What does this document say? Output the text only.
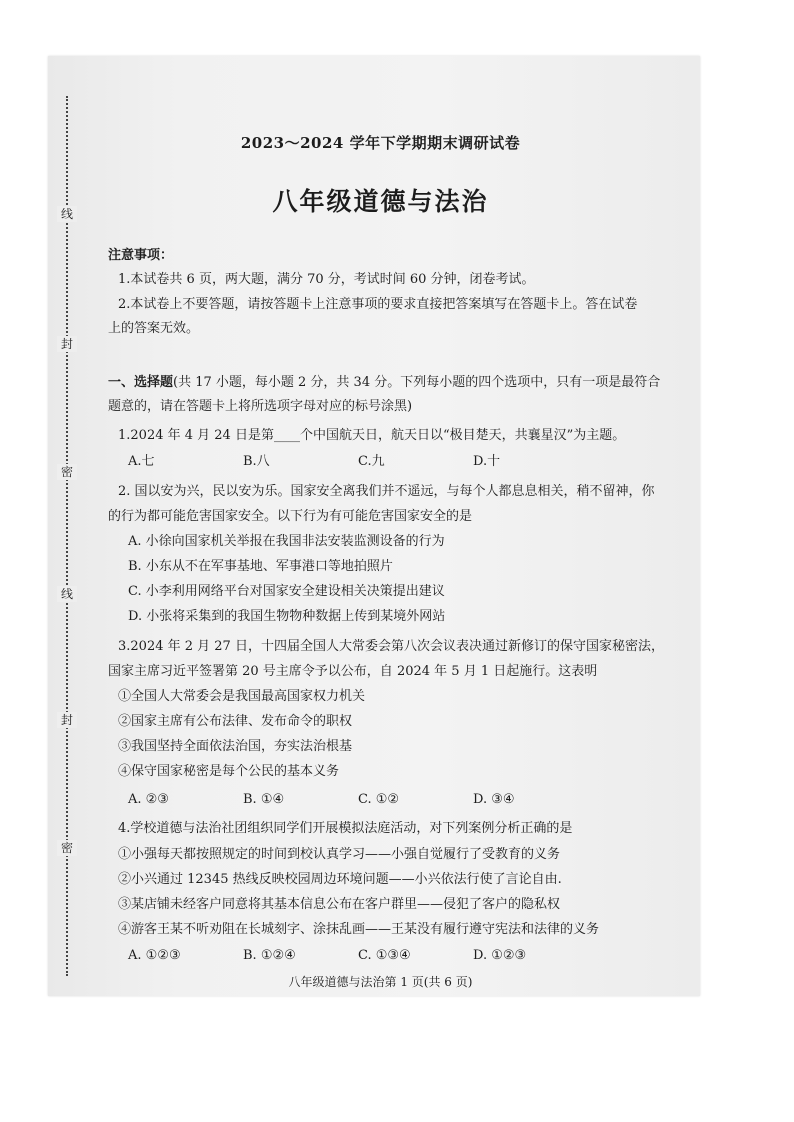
线
封
密
线
封
密
2023～2024 学年下学期期末调研试卷
八年级道德与法治
注意事项：
1.本试卷共 6 页，两大题，满分 70 分，考试时间 60 分钟，闭卷考试。
2.本试卷上不要答题，请按答题卡上注意事项的要求直接把答案填写在答题卡上。答在试卷
上的答案无效。
一、选择题(共 17 小题，每小题 2 分，共 34 分。下列每小题的四个选项中，只有一项是最符合
题意的，请在答题卡上将所选项字母对应的标号涂黑)
1.2024 年 4 月 24 日是第____个中国航天日，航天日以“极目楚天，共襄星汉”为主题。
A.七	B.八	C.九	D.十
2. 国以安为兴，民以安为乐。国家安全离我们并不遥远，与每个人都息息相关，稍不留神，你
的行为都可能危害国家安全。以下行为有可能危害国家安全的是
A. 小徐向国家机关举报在我国非法安装监测设备的行为
B. 小东从不在军事基地、军事港口等地拍照片
C. 小李利用网络平台对国家安全建设相关决策提出建议
D. 小张将采集到的我国生物物种数据上传到某境外网站
3.2024 年 2 月 27 日，十四届全国人大常委会第八次会议表决通过新修订的保守国家秘密法，
国家主席习近平签署第 20 号主席令予以公布，自 2024 年 5 月 1 日起施行。这表明
①全国人大常委会是我国最高国家权力机关
②国家主席有公布法律、发布命令的职权
③我国坚持全面依法治国，夯实法治根基
④保守国家秘密是每个公民的基本义务
A. ②③	B. ①④	C. ①②	D. ③④
4.学校道德与法治社团组织同学们开展模拟法庭活动，对下列案例分析正确的是
①小强每天都按照规定的时间到校认真学习——小强自觉履行了受教育的义务
②小兴通过 12345 热线反映校园周边环境问题——小兴依法行使了言论自由.
③某店铺未经客户同意将其基本信息公布在客户群里——侵犯了客户的隐私权
④游客王某不听劝阻在长城刻字、涂抹乱画——王某没有履行遵守宪法和法律的义务
A. ①②③	B. ①②④	C. ①③④	D. ①②③
八年级道德与法治第 1 页(共 6 页)
